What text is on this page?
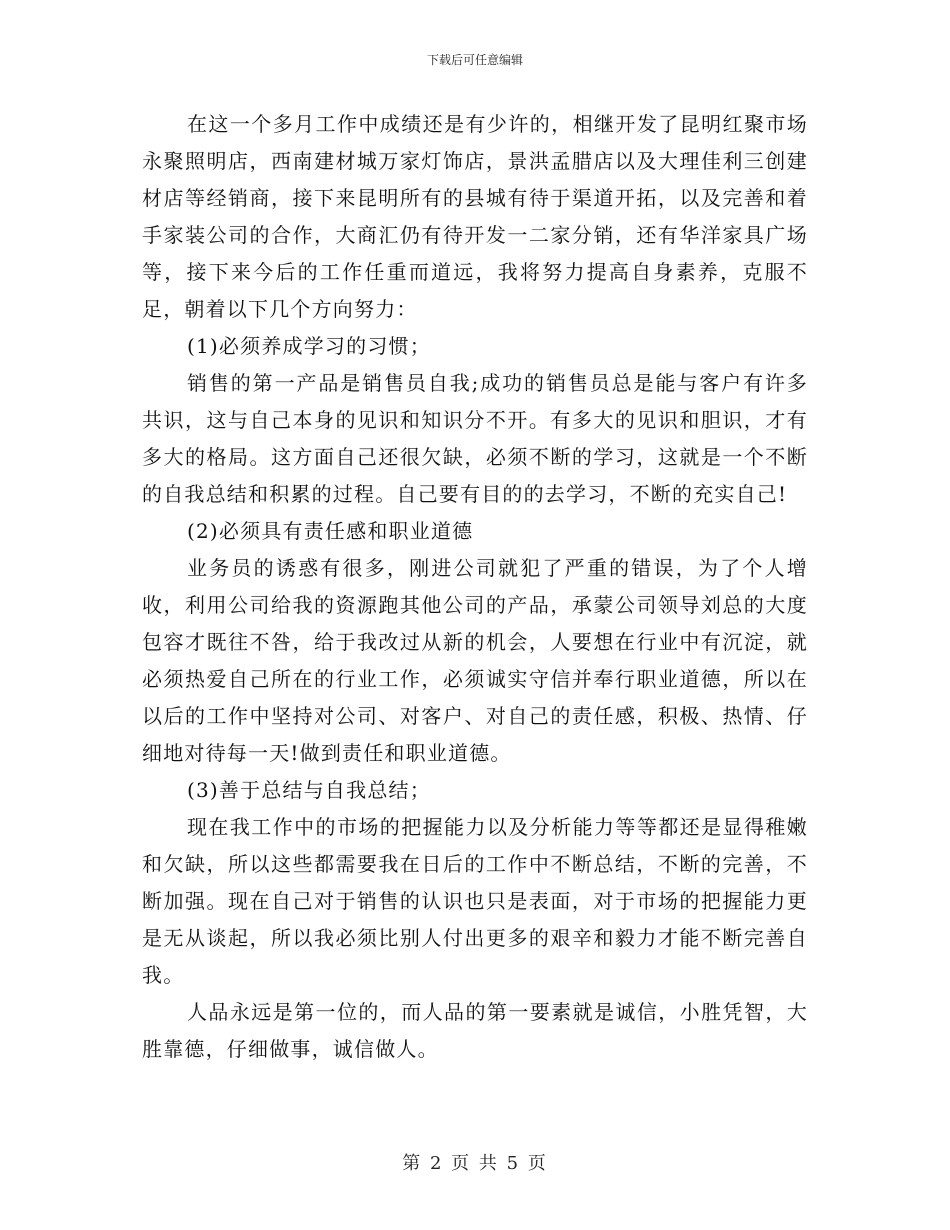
下载后可任意编辑

在这一个多月工作中成绩还是有少许的，相继开发了昆明红聚市场永聚照明店，西南建材城万家灯饰店，景洪孟腊店以及大理佳利三创建材店等经销商，接下来昆明所有的县城有待于渠道开拓，以及完善和着手家装公司的合作，大商汇仍有待开发一二家分销，还有华洋家具广场等，接下来今后的工作任重而道远，我将努力提高自身素养，克服不足，朝着以下几个方向努力：

(1)必须养成学习的习惯；

销售的第一产品是销售员自我;成功的销售员总是能与客户有许多共识，这与自己本身的见识和知识分不开。有多大的见识和胆识，才有多大的格局。这方面自己还很欠缺，必须不断的学习，这就是一个不断的自我总结和积累的过程。自己要有目的的去学习，不断的充实自己!

(2)必须具有责任感和职业道德

业务员的诱惑有很多，刚进公司就犯了严重的错误，为了个人增收，利用公司给我的资源跑其他公司的产品，承蒙公司领导刘总的大度包容才既往不咎，给于我改过从新的机会，人要想在行业中有沉淀，就必须热爱自己所在的行业工作，必须诚实守信并奉行职业道德，所以在以后的工作中坚持对公司、对客户、对自己的责任感，积极、热情、仔细地对待每一天!做到责任和职业道德。

(3)善于总结与自我总结；

现在我工作中的市场的把握能力以及分析能力等等都还是显得稚嫩和欠缺，所以这些都需要我在日后的工作中不断总结，不断的完善，不断加强。现在自己对于销售的认识也只是表面，对于市场的把握能力更是无从谈起，所以我必须比别人付出更多的艰辛和毅力才能不断完善自我。

人品永远是第一位的，而人品的第一要素就是诚信，小胜凭智，大胜靠德，仔细做事，诚信做人。

第 2 页 共 5 页
